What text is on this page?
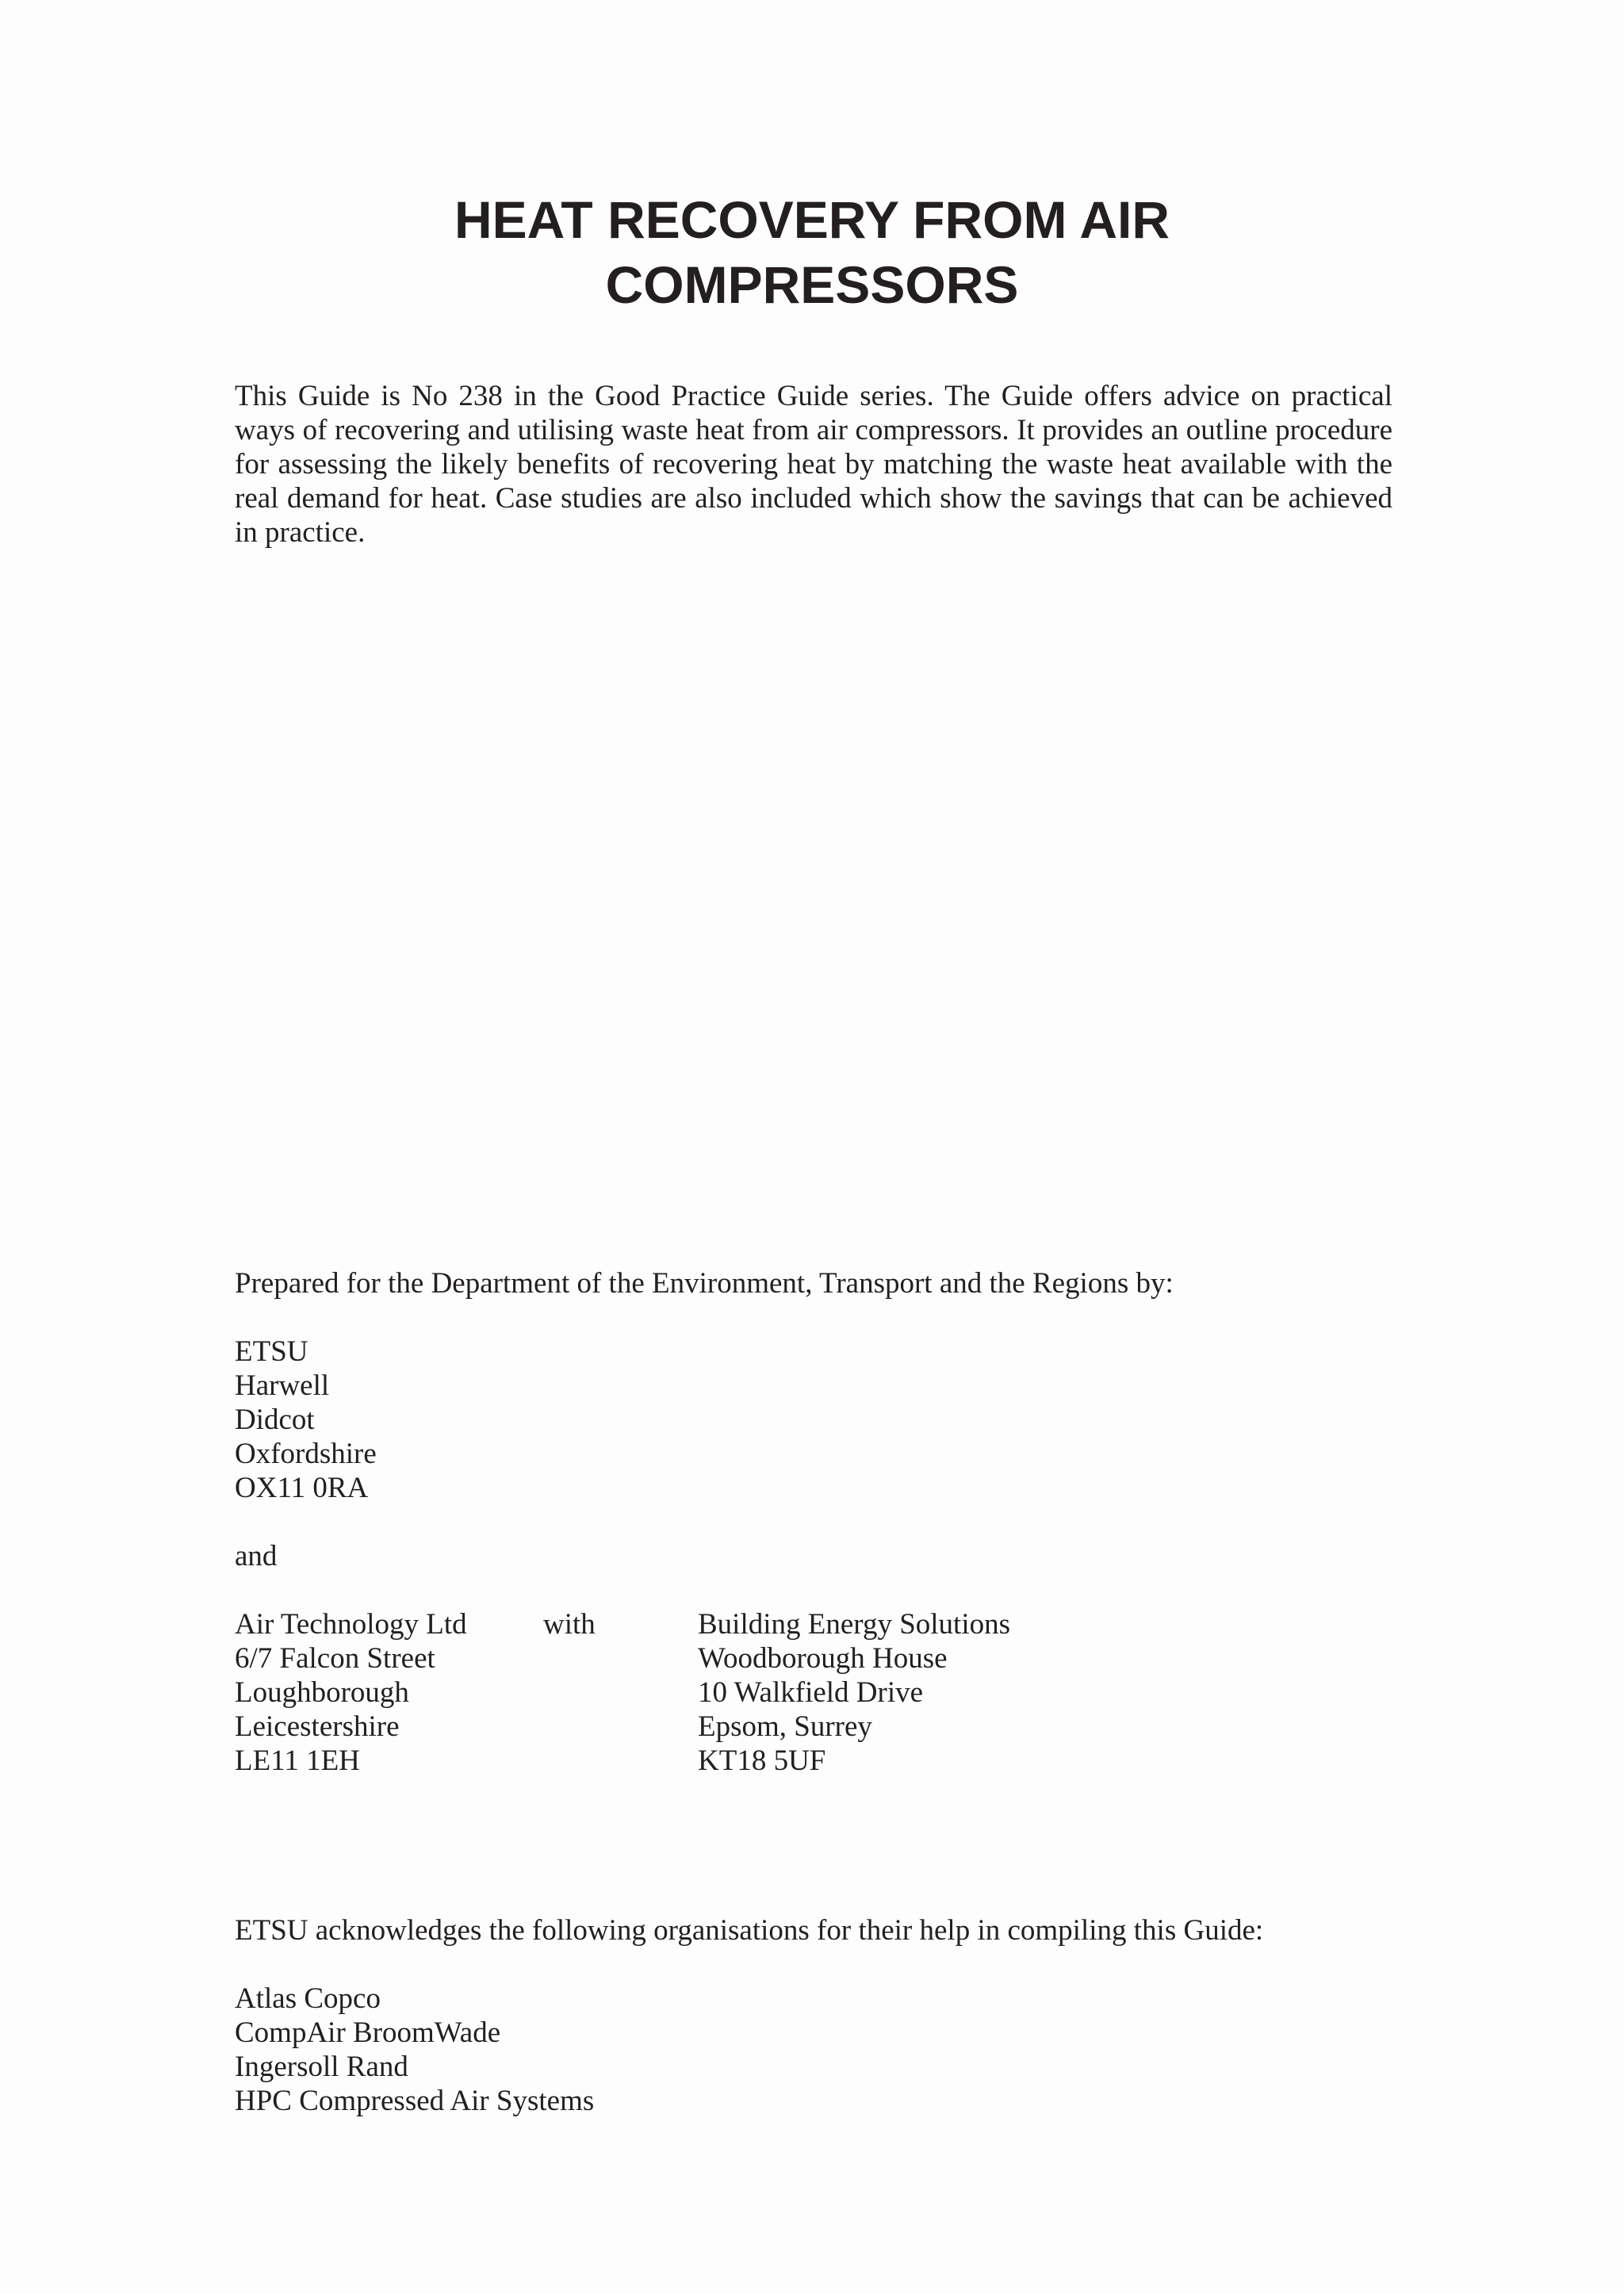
HEAT RECOVERY FROM AIR
COMPRESSORS

This Guide is No 238 in the Good Practice Guide series. The Guide offers advice on practical ways of recovering and utilising waste heat from air compressors. It provides an outline procedure for assessing the likely benefits of recovering heat by matching the waste heat available with the real demand for heat. Case studies are also included which show the savings that can be achieved in practice.

Prepared for the Department of the Environment, Transport and the Regions by:

ETSU
Harwell
Didcot
Oxfordshire
OX11 0RA

and

Air Technology Ltd
6/7 Falcon Street
Loughborough
Leicestershire
LE11 1EH

with	Building Energy Solutions
Woodborough House
10 Walkfield Drive
Epsom, Surrey
KT18 5UF

ETSU acknowledges the following organisations for their help in compiling this Guide:

Atlas Copco
CompAir BroomWade
Ingersoll Rand
HPC Compressed Air Systems
